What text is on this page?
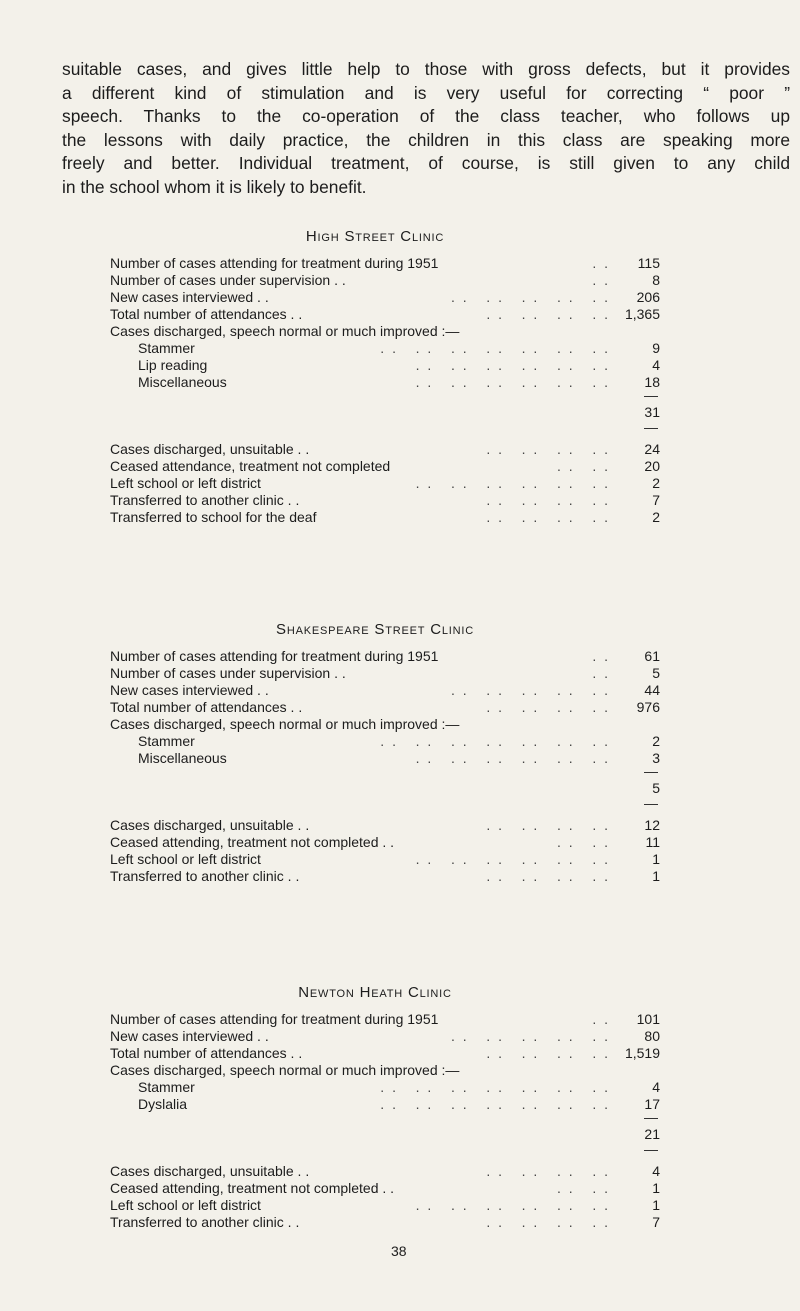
suitable cases, and gives little help to those with gross defects, but it provides
a different kind of stimulation and is very useful for correcting “ poor ”
speech. Thanks to the co-operation of the class teacher, who follows up
the lessons with daily practice, the children in this class are speaking more
freely and better. Individual treatment, of course, is still given to any child
in the school whom it is likely to benefit.
High Street Clinic
. .
Number of cases attending for treatment during 1951	115
. .
Number of cases under supervision . .	8
. .   . .   . .   . .   . .
New cases interviewed . .	206
. .   . .   . .   . .
Total number of attendances . .	1,365
Cases discharged, speech normal or much improved :—
. .   . .   . .   . .   . .   . .   . .
Stammer	9
. .   . .   . .   . .   . .   . .
Lip reading	4
. .   . .   . .   . .   . .   . .
Miscellaneous	18
31
. .   . .   . .   . .
Cases discharged, unsuitable . .	24
. .   . .
Ceased attendance, treatment not completed	20
. .   . .   . .   . .   . .   . .
Left school or left district	2
. .   . .   . .   . .
Transferred to another clinic . .	7
. .   . .   . .   . .
Transferred to school for the deaf	2
Shakespeare Street Clinic
. .
Number of cases attending for treatment during 1951	61
. .
Number of cases under supervision . .	5
. .   . .   . .   . .   . .
New cases interviewed . .	44
. .   . .   . .   . .
Total number of attendances . .	976
Cases discharged, speech normal or much improved :—
. .   . .   . .   . .   . .   . .   . .
Stammer	2
. .   . .   . .   . .   . .   . .
Miscellaneous	3
5
. .   . .   . .   . .
Cases discharged, unsuitable . .	12
. .   . .
Ceased attending, treatment not completed . .	11
. .   . .   . .   . .   . .   . .
Left school or left district	1
. .   . .   . .   . .
Transferred to another clinic . .	1
Newton Heath Clinic
. .
Number of cases attending for treatment during 1951	101
. .   . .   . .   . .   . .
New cases interviewed . .	80
. .   . .   . .   . .
Total number of attendances . .	1,519
Cases discharged, speech normal or much improved :—
. .   . .   . .   . .   . .   . .   . .
Stammer	4
. .   . .   . .   . .   . .   . .   . .
Dyslalia	17
21
. .   . .   . .   . .
Cases discharged, unsuitable . .	4
. .   . .
Ceased attending, treatment not completed . .	1
. .   . .   . .   . .   . .   . .
Left school or left district	1
. .   . .   . .   . .
Transferred to another clinic . .	7
38
